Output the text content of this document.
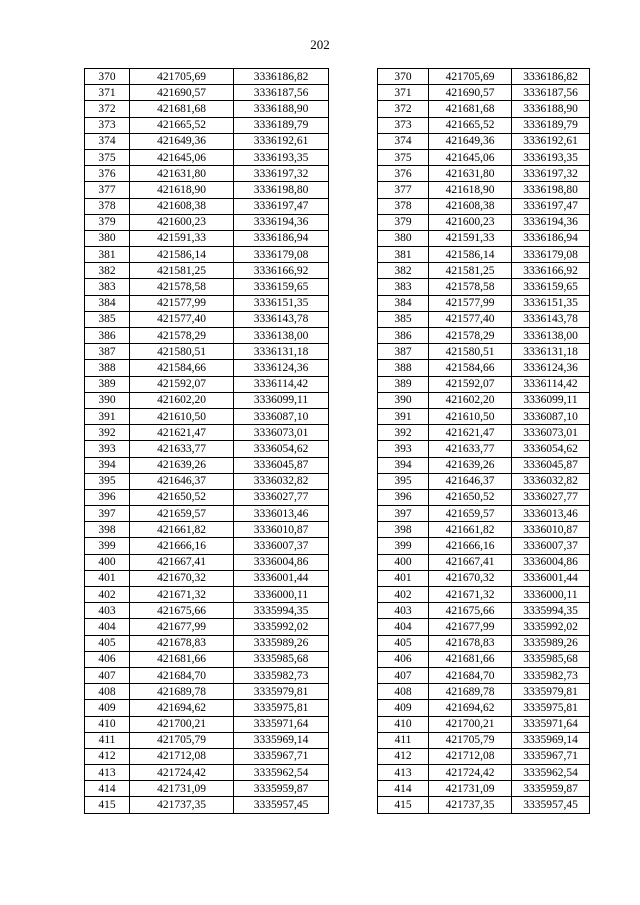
202
370	421705,69	3336186,82
371	421690,57	3336187,56
372	421681,68	3336188,90
373	421665,52	3336189,79
374	421649,36	3336192,61
375	421645,06	3336193,35
376	421631,80	3336197,32
377	421618,90	3336198,80
378	421608,38	3336197,47
379	421600,23	3336194,36
380	421591,33	3336186,94
381	421586,14	3336179,08
382	421581,25	3336166,92
383	421578,58	3336159,65
384	421577,99	3336151,35
385	421577,40	3336143,78
386	421578,29	3336138,00
387	421580,51	3336131,18
388	421584,66	3336124,36
389	421592,07	3336114,42
390	421602,20	3336099,11
391	421610,50	3336087,10
392	421621,47	3336073,01
393	421633,77	3336054,62
394	421639,26	3336045,87
395	421646,37	3336032,82
396	421650,52	3336027,77
397	421659,57	3336013,46
398	421661,82	3336010,87
399	421666,16	3336007,37
400	421667,41	3336004,86
401	421670,32	3336001,44
402	421671,32	3336000,11
403	421675,66	3335994,35
404	421677,99	3335992,02
405	421678,83	3335989,26
406	421681,66	3335985,68
407	421684,70	3335982,73
408	421689,78	3335979,81
409	421694,62	3335975,81
410	421700,21	3335971,64
411	421705,79	3335969,14
412	421712,08	3335967,71
413	421724,42	3335962,54
414	421731,09	3335959,87
415	421737,35	3335957,45
370	421705,69	3336186,82
371	421690,57	3336187,56
372	421681,68	3336188,90
373	421665,52	3336189,79
374	421649,36	3336192,61
375	421645,06	3336193,35
376	421631,80	3336197,32
377	421618,90	3336198,80
378	421608,38	3336197,47
379	421600,23	3336194,36
380	421591,33	3336186,94
381	421586,14	3336179,08
382	421581,25	3336166,92
383	421578,58	3336159,65
384	421577,99	3336151,35
385	421577,40	3336143,78
386	421578,29	3336138,00
387	421580,51	3336131,18
388	421584,66	3336124,36
389	421592,07	3336114,42
390	421602,20	3336099,11
391	421610,50	3336087,10
392	421621,47	3336073,01
393	421633,77	3336054,62
394	421639,26	3336045,87
395	421646,37	3336032,82
396	421650,52	3336027,77
397	421659,57	3336013,46
398	421661,82	3336010,87
399	421666,16	3336007,37
400	421667,41	3336004,86
401	421670,32	3336001,44
402	421671,32	3336000,11
403	421675,66	3335994,35
404	421677,99	3335992,02
405	421678,83	3335989,26
406	421681,66	3335985,68
407	421684,70	3335982,73
408	421689,78	3335979,81
409	421694,62	3335975,81
410	421700,21	3335971,64
411	421705,79	3335969,14
412	421712,08	3335967,71
413	421724,42	3335962,54
414	421731,09	3335959,87
415	421737,35	3335957,45
